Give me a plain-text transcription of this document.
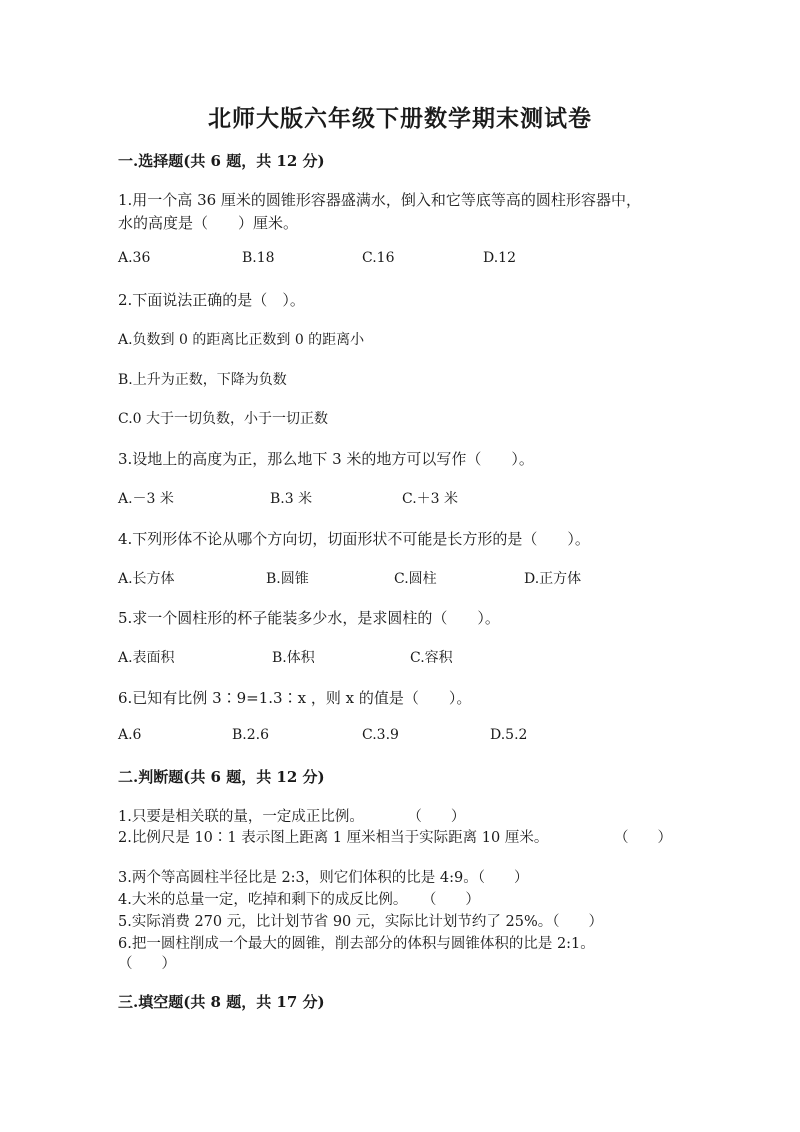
北师大版六年级下册数学期末测试卷
一.选择题(共 6 题，共 12 分)
1.用一个高 36 厘米的圆锥形容器盛满水，倒入和它等底等高的圆柱形容器中，
水的高度是（　　）厘米。
A.36	B.18	C.16	D.12
2.下面说法正确的是（　）。
A.负数到 0 的距离比正数到 0 的距离小
B.上升为正数，下降为负数
C.0 大于一切负数，小于一切正数
3.设地上的高度为正，那么地下 3 米的地方可以写作（　　）。
A.－3 米	B.3 米	C.＋3 米
4.下列形体不论从哪个方向切，切面形状不可能是长方形的是（　　）。
A.长方体	B.圆锥	C.圆柱	D.正方体
5.求一个圆柱形的杯子能装多少水，是求圆柱的（　　）。
A.表面积	B.体积	C.容积
6.已知有比例 3∶9=1.3∶x ，则 x 的值是（　　）。
A.6	B.2.6	C.3.9	D.5.2
二.判断题(共 6 题，共 12 分)
1.只要是相关联的量，一定成正比例。　　　　（　　）
2.比例尺是 10∶1 表示图上距离 1 厘米相当于实际距离 10 厘米。	（　　）
3.两个等高圆柱半径比是 2:3，则它们体积的比是 4:9。（　　）
4.大米的总量一定，吃掉和剩下的成反比例。　　（　　）
5.实际消费 270 元，比计划节省 90 元，实际比计划节约了 25%。（　　）
6.把一圆柱削成一个最大的圆锥，削去部分的体积与圆锥体积的比是 2:1。
（　　）
三.填空题(共 8 题，共 17 分)
